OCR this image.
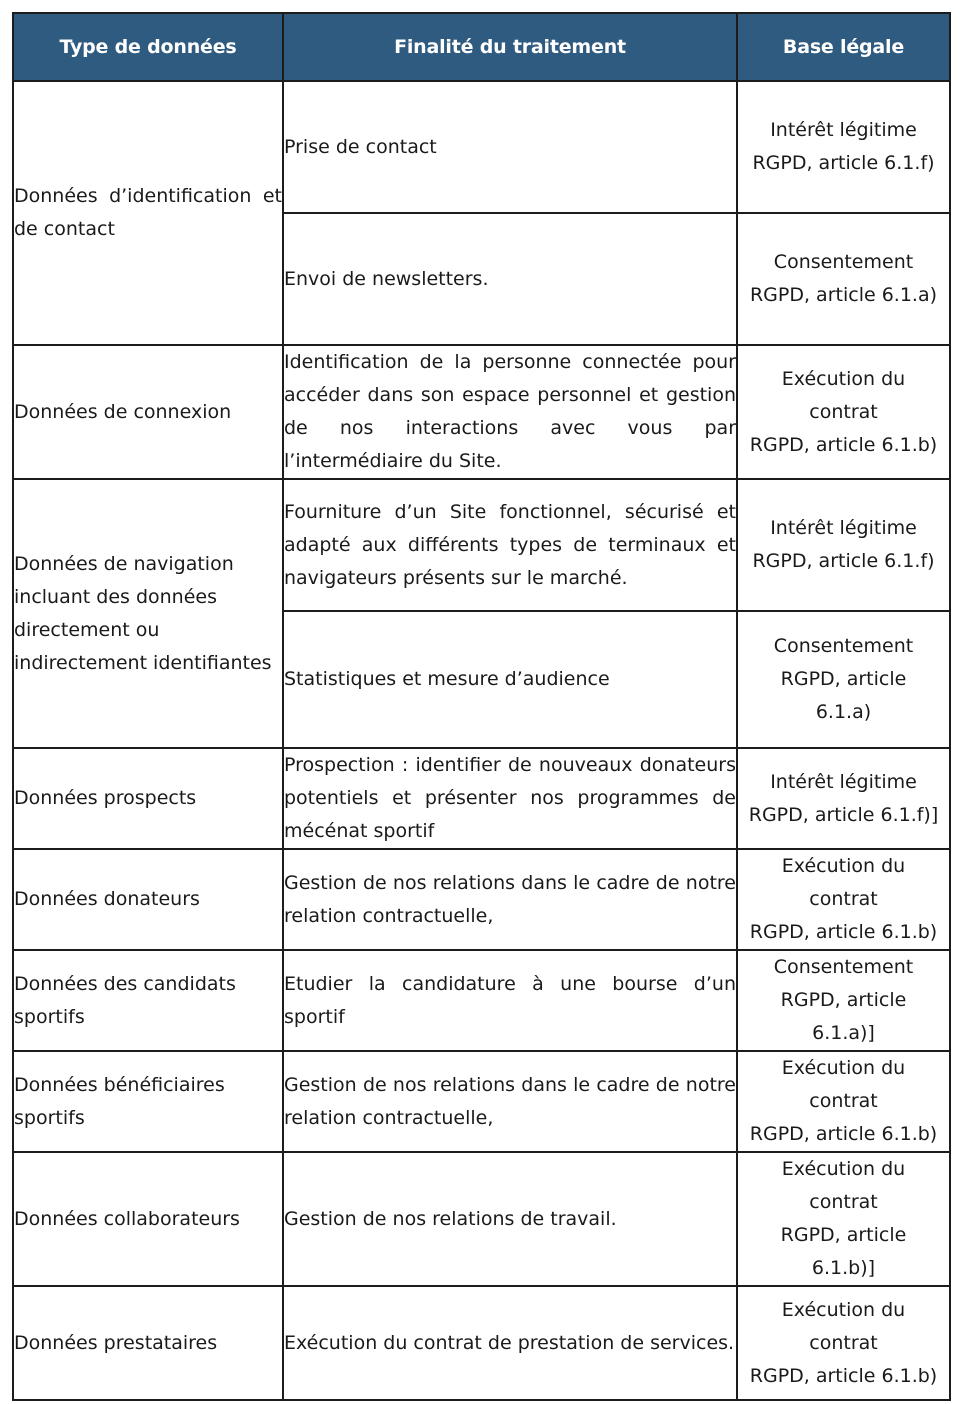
Type de données	Finalité du traitement	Base légale

Données d’identification et de contact	Prise de contact	Intérêt légitime
RGPD, article 6.1.f)

	Envoi de newsletters.	Consentement
RGPD, article 6.1.a)

Données de connexion	Identification de la personne connectée pour accéder dans son espace personnel et gestion de nos interactions avec vous par l’intermédiaire du Site.	Exécution du
contrat
RGPD, article 6.1.b)

Données de navigation incluant des données directement ou indirectement identifiantes	Fourniture d’un Site fonctionnel, sécurisé et adapté aux différents types de terminaux et navigateurs présents sur le marché.	Intérêt légitime
RGPD, article 6.1.f)

	Statistiques et mesure d’audience	Consentement
RGPD, article
6.1.a)

Données prospects	Prospection : identifier de nouveaux donateurs potentiels et présenter nos programmes de mécénat sportif	Intérêt légitime
RGPD, article 6.1.f)]

Données donateurs	Gestion de nos relations dans le cadre de notre relation contractuelle,	Exécution du
contrat
RGPD, article 6.1.b)

Données des candidats sportifs	Etudier la candidature à une bourse d’un sportif	Consentement
RGPD, article
6.1.a)]

Données bénéficiaires sportifs	Gestion de nos relations dans le cadre de notre relation contractuelle,	Exécution du
contrat
RGPD, article 6.1.b)

Données collaborateurs	Gestion de nos relations de travail.	Exécution du
contrat
RGPD, article
6.1.b)]

Données prestataires	Exécution du contrat de prestation de services.	Exécution du
contrat
RGPD, article 6.1.b)
